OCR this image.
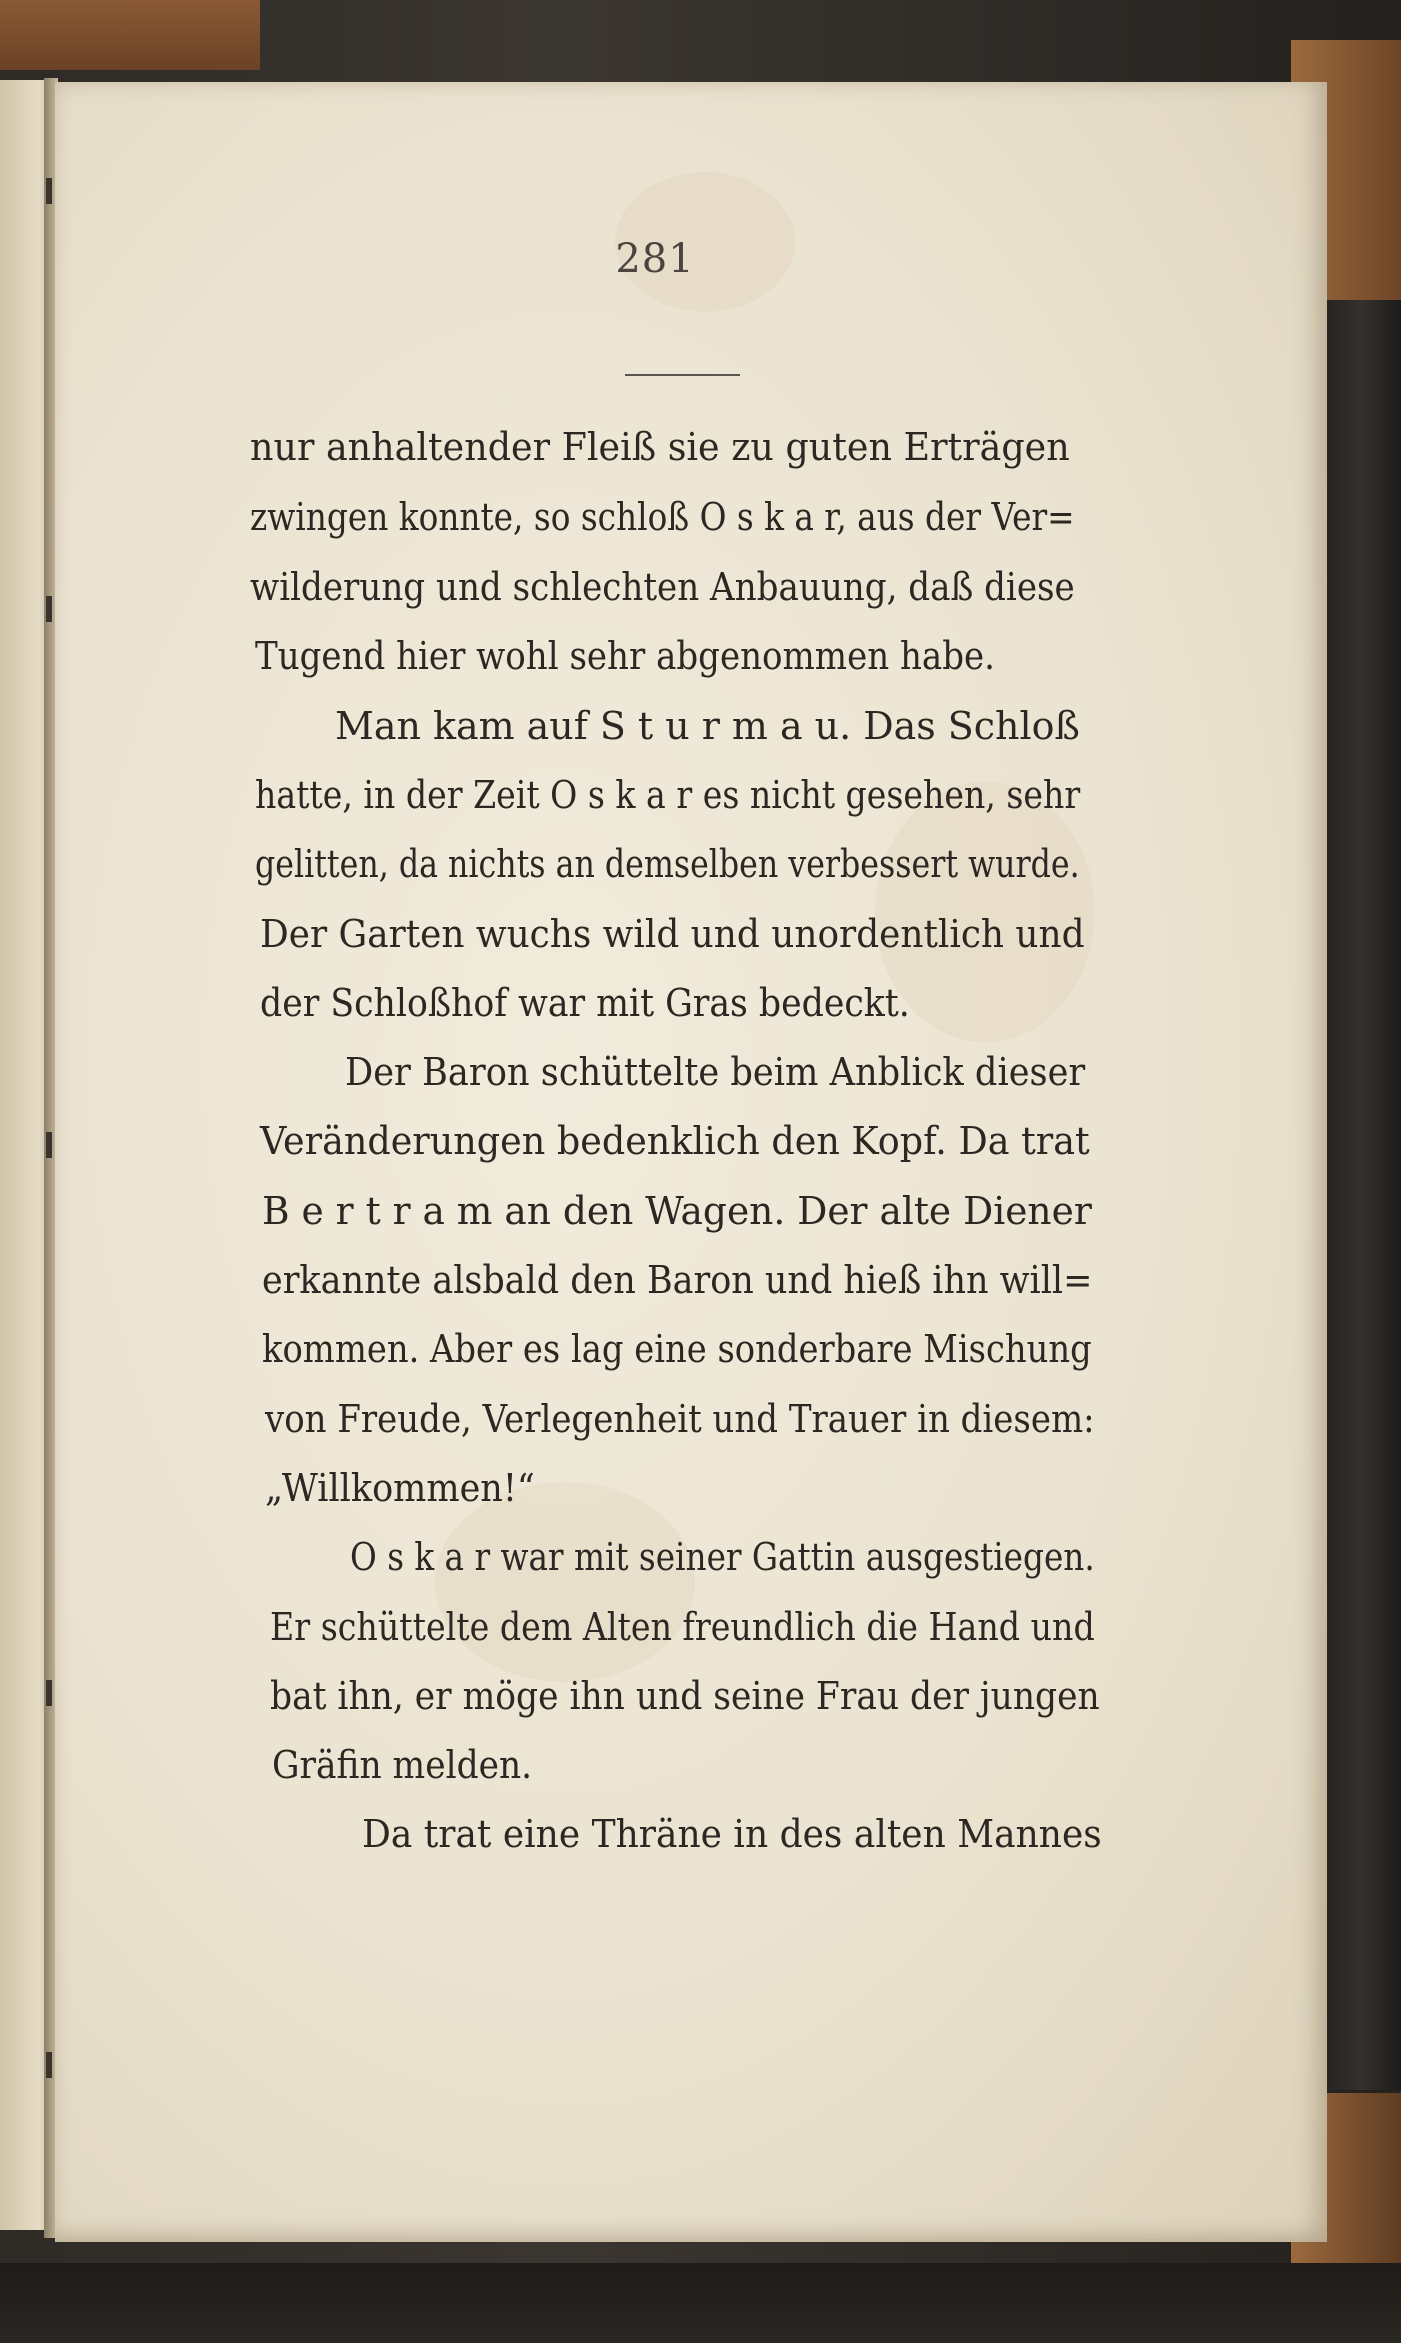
281
nur anhaltender Fleiß sie zu guten Erträgen
zwingen konnte, so schloß O s k a r, aus der Ver=
wilderung und schlechten Anbauung, daß diese
Tugend hier wohl sehr abgenommen habe.
Man kam auf S t u r m a u. Das Schloß
hatte, in der Zeit O s k a r es nicht gesehen, sehr
gelitten, da nichts an demselben verbessert wurde.
Der Garten wuchs wild und unordentlich und
der Schloßhof war mit Gras bedeckt.
Der Baron schüttelte beim Anblick dieser
Veränderungen bedenklich den Kopf. Da trat
B e r t r a m an den Wagen. Der alte Diener
erkannte alsbald den Baron und hieß ihn will=
kommen. Aber es lag eine sonderbare Mischung
von Freude, Verlegenheit und Trauer in diesem:
„Willkommen!“
O s k a r war mit seiner Gattin ausgestiegen.
Er schüttelte dem Alten freundlich die Hand und
bat ihn, er möge ihn und seine Frau der jungen
Gräfin melden.
Da trat eine Thräne in des alten Mannes
